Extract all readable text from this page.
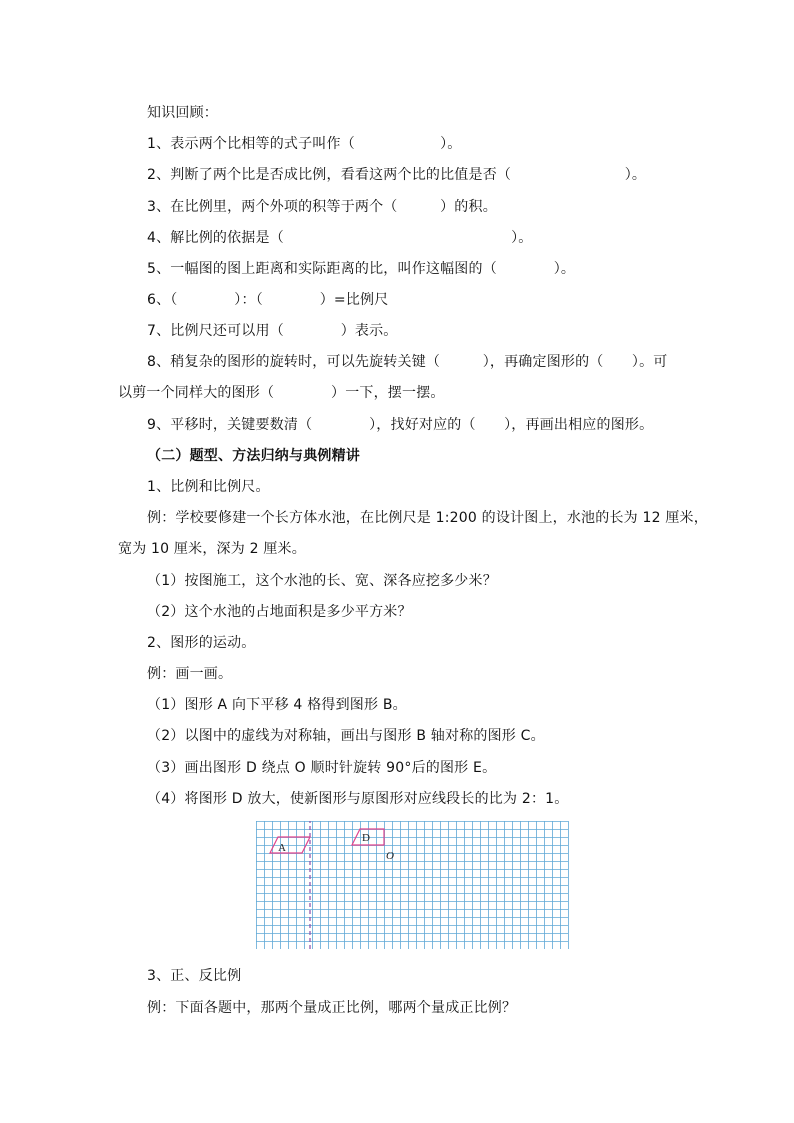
知识回顾：
1、表示两个比相等的式子叫作（　　　　　　）。
2、判断了两个比是否成比例，看看这两个比的比值是否（　　　　　　　　）。
3、在比例里，两个外项的积等于两个（　　　）的积。
4、解比例的依据是（　　　　　　　　　　　　　　　　）。
5、一幅图的图上距离和实际距离的比，叫作这幅图的（　　　　）。
6、（　　　　）：（　　　　）=比例尺
7、比例尺还可以用（　　　　）表示。
8、稍复杂的图形的旋转时，可以先旋转关键（　　　），再确定图形的（　　）。可
以剪一个同样大的图形（　　　　）一下，摆一摆。
9、平移时，关键要数清（　　　　），找好对应的（　　），再画出相应的图形。
（二）题型、方法归纳与典例精讲
1、比例和比例尺。
例：学校要修建一个长方体水池，在比例尺是 1:200 的设计图上，水池的长为 12 厘米，
宽为 10 厘米，深为 2 厘米。
（1）按图施工，这个水池的长、宽、深各应挖多少米？
（2）这个水池的占地面积是多少平方米？
2、图形的运动。
例：画一画。
（1）图形 A 向下平移 4 格得到图形 B。
（2）以图中的虚线为对称轴，画出与图形 B 轴对称的图形 C。
（3）画出图形 D 绕点 O 顺时针旋转 90°后的图形 E。
（4）将图形 D 放大，使新图形与原图形对应线段长的比为 2：1。
A
D
O
3、正、反比例
例：下面各题中，那两个量成正比例，哪两个量成正比例？
